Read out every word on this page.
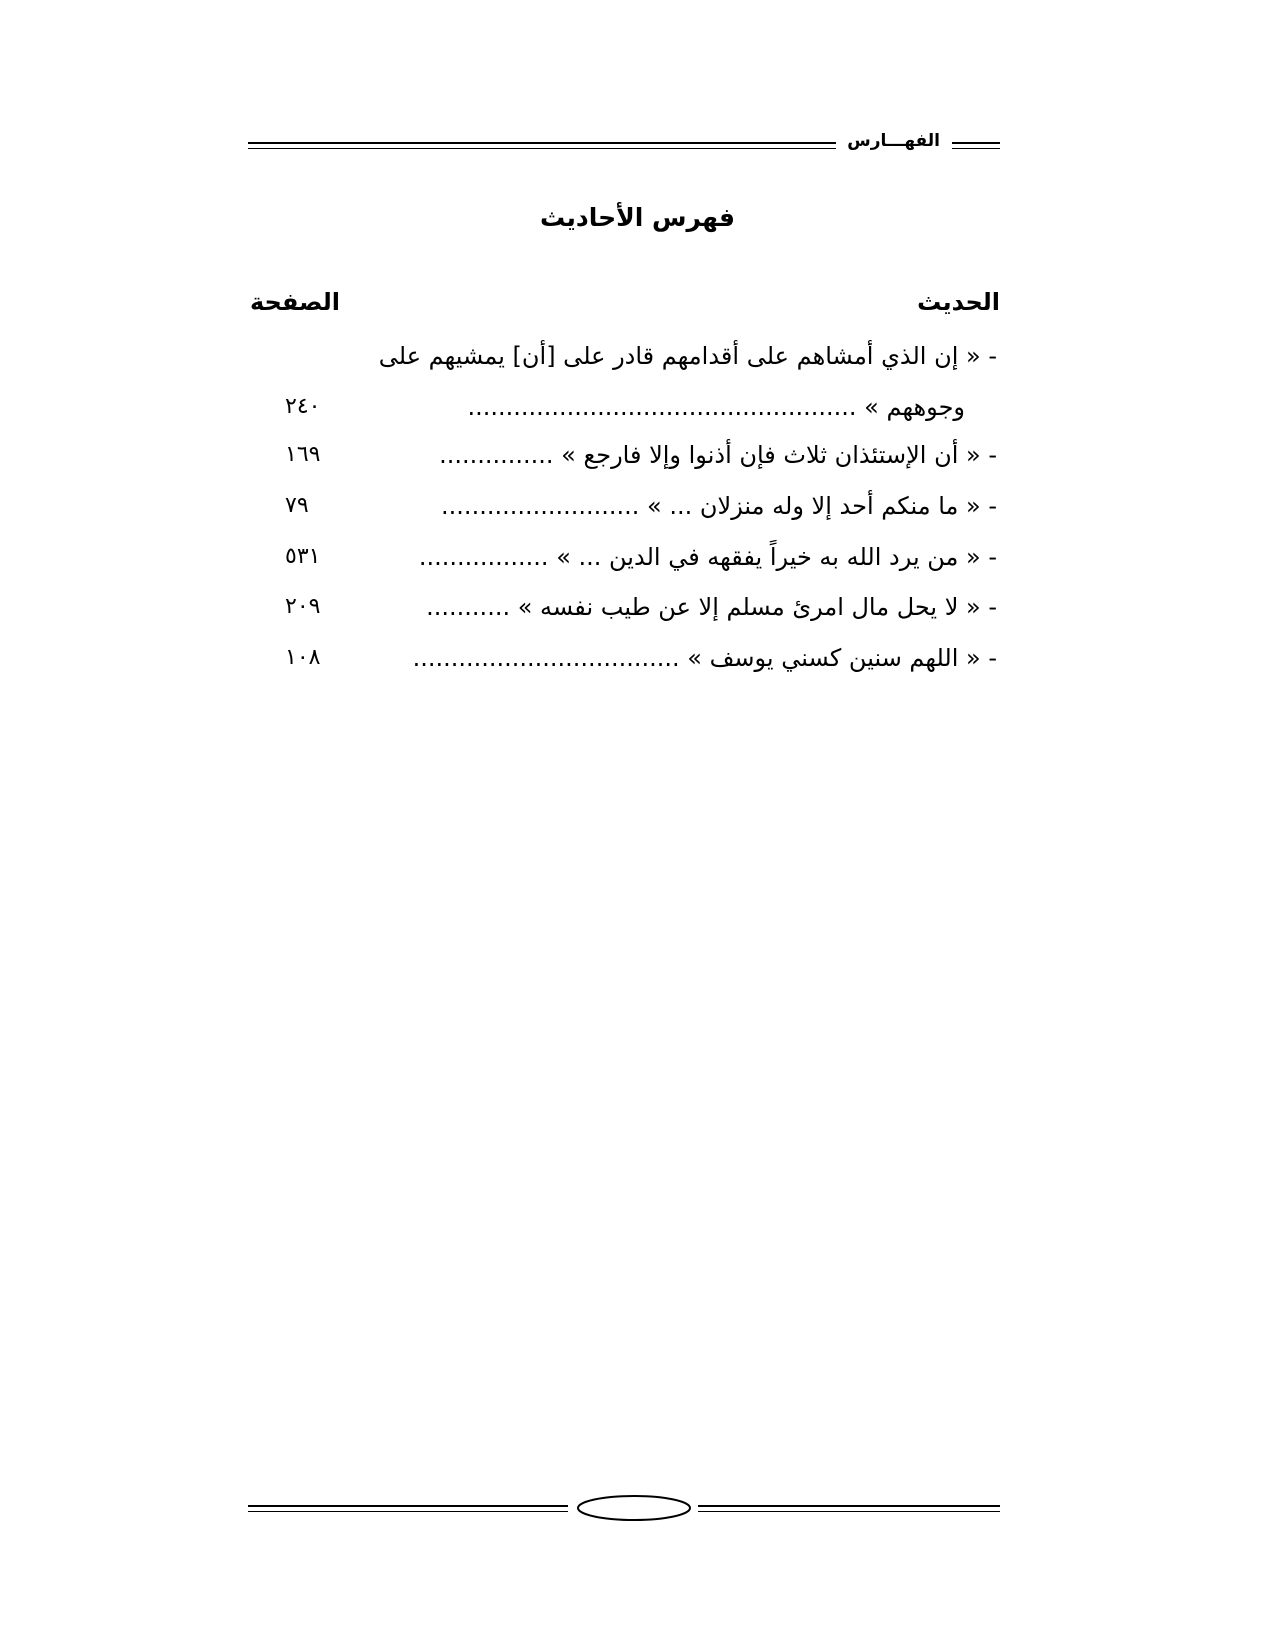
الفهـــارس
فهرس الأحاديث
الحديث
الصفحة
- « إن الذي أمشاهم على أقدامهم قادر على [أن] يمشيهم على
وجوههم » ...................................................
٢٤٠
- « أن الإستئذان ثلاث فإن أذنوا وإلا فارجع » ...............
١٦٩
- « ما منكم أحد إلا وله منزلان ... » ..........................
٧٩
- « من يرد الله به خيراً يفقهه في الدين ... » .................
٥٣١
- « لا يحل مال امرئ مسلم إلا عن طيب نفسه » ...........
٢٠٩
- « اللهم سنين كسني يوسف » ...................................
١٠٨
